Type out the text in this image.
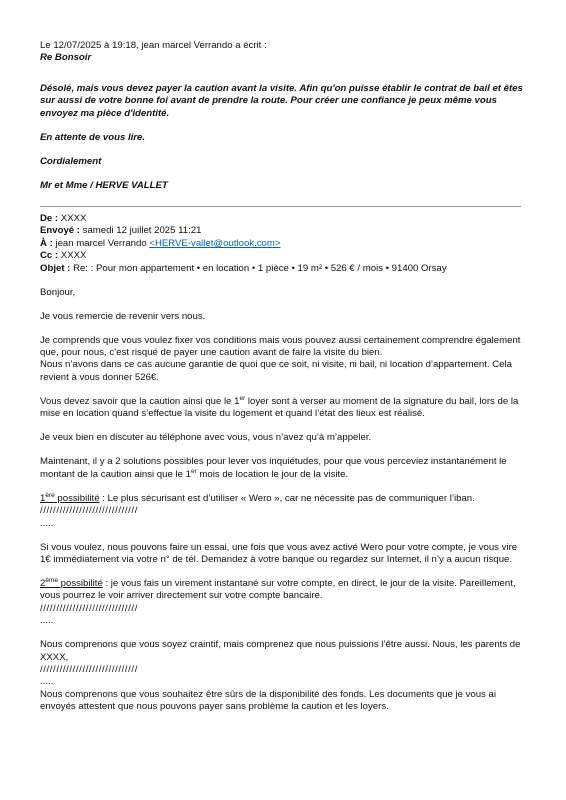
Le 12/07/2025 à 19:18, jean marcel Verrando a écrit :
Re Bonsoir
Désolé, mais vous devez payer la caution avant la visite. Afin qu'on puisse établir le contrat de bail et êtes sur aussi de votre bonne foi avant de prendre la route. Pour créer une confiance je peux même vous envoyez ma pièce d'identité.
En attente de vous lire.
Cordialement
Mr et Mme / HERVE VALLET
De : XXXX
Envoyé : samedi 12 juillet 2025 11:21
À : jean marcel Verrando <HERVE-vallet@outlook.com>
Cc : XXXX
Objet : Re: : Pour mon appartement • en location • 1 pièce • 19 m² • 526 € / mois • 91400 Orsay
Bonjour,
Je vous remercie de revenir vers nous.
Je comprends que vous voulez fixer vos conditions mais vous pouvez aussi certainement comprendre également que, pour nous, c’est risqué de payer une caution avant de faire la visite du bien.
Nous n’avons dans ce cas aucune garantie de quoi que ce soit, ni visite, ni bail, ni location d’appartement. Cela revient à vous donner 526€.
Vous devez savoir que la caution ainsi que le 1er loyer sont à verser au moment de la signature du bail, lors de la mise en location quand s’effectue la visite du logement et quand l’état des lieux est réalisé.
Je veux bien en discuter au téléphone avec vous, vous n’avez qu’à m’appeler.
Maintenant, il y a 2 solutions possibles pour lever vos inquiétudes, pour que vous perceviez instantanément le montant de la caution ainsi que le 1er mois de location le jour de la visite.
1ère possibilité : Le plus sécurisant est d’utiliser « Wero », car ne nécessite pas de communiquer l’iban.
//////////////////////////////
.....
Si vous voulez, nous pouvons faire un essai, une fois que vous avez activé Wero pour votre compte, je vous vire 1€ immédiatement via votre n° de tél. Demandez à votre banque ou regardez sur Internet, il n’y a aucun risque.
2ème possibilité : je vous fais un virement instantané sur votre compte, en direct, le jour de la visite. Pareillement, vous pourrez le voir arriver directement sur votre compte bancaire.
//////////////////////////////
.....
Nous comprenons que vous soyez craintif, mais comprenez que nous puissions l’être aussi. Nous, les parents de XXXX,
//////////////////////////////
.....
Nous comprenons que vous souhaitez être sûrs de la disponibilité des fonds. Les documents que je vous ai envoyés attestent que nous pouvons payer sans problème la caution et les loyers.
